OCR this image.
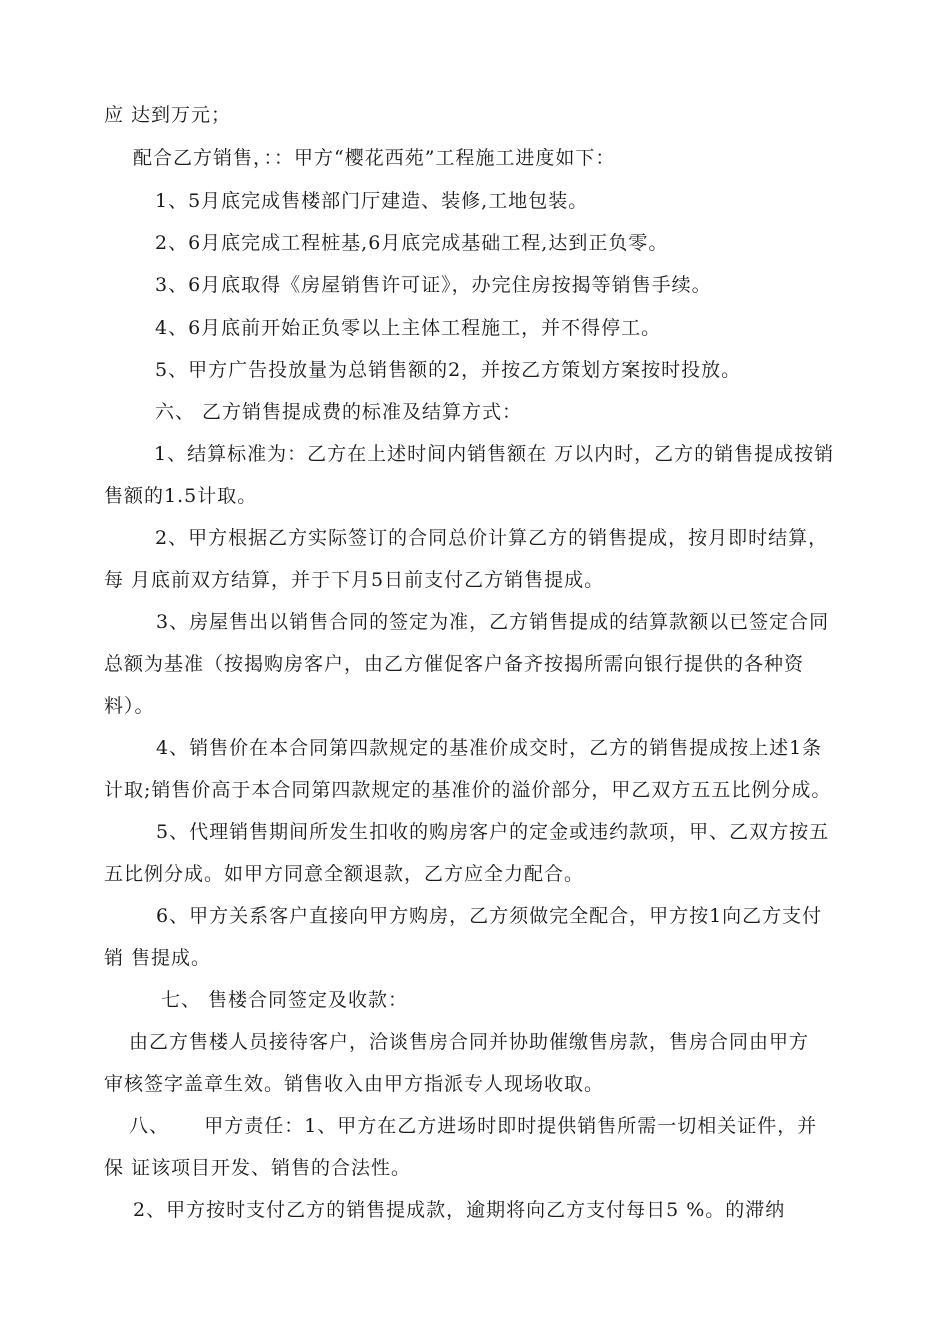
应 达到万元；

配合乙方销售，：：甲方“樱花西苑”工程施工进度如下：

1、5月底完成售楼部门厅建造、装修,工地包装。

2、6月底完成工程桩基,6月底完成基础工程,达到正负零。

3、6月底取得《房屋销售许可证》，办完住房按揭等销售手续。

4、6月底前开始正负零以上主体工程施工，并不得停工。

5、甲方广告投放量为总销售额的2，并按乙方策划方案按时投放。

六、 乙方销售提成费的标准及结算方式：

1、结算标准为：乙方在上述时间内销售额在 万以内时，乙方的销售提成按销

售额的1.5计取。

2、甲方根据乙方实际签订的合同总价计算乙方的销售提成，按月即时结算，

每 月底前双方结算，并于下月5日前支付乙方销售提成。

3、房屋售出以销售合同的签定为准，乙方销售提成的结算款额以已签定合同

总额为基准（按揭购房客户，由乙方催促客户备齐按揭所需向银行提供的各种资

料）。

4、销售价在本合同第四款规定的基准价成交时，乙方的销售提成按上述1条

计取;销售价高于本合同第四款规定的基准价的溢价部分，甲乙双方五五比例分成。

5、代理销售期间所发生扣收的购房客户的定金或违约款项，甲、乙双方按五

五比例分成。如甲方同意全额退款，乙方应全力配合。

6、甲方关系客户直接向甲方购房，乙方须做完全配合，甲方按1向乙方支付

销 售提成。

七、 售楼合同签定及收款：

由乙方售楼人员接待客户，洽谈售房合同并协助催缴售房款，售房合同由甲方

审核签字盖章生效。销售收入由甲方指派专人现场收取。

八、     甲方责任：1、甲方在乙方进场时即时提供销售所需一切相关证件，并

保 证该项目开发、销售的合法性。

2、甲方按时支付乙方的销售提成款，逾期将向乙方支付每日5 %。的滞纳
